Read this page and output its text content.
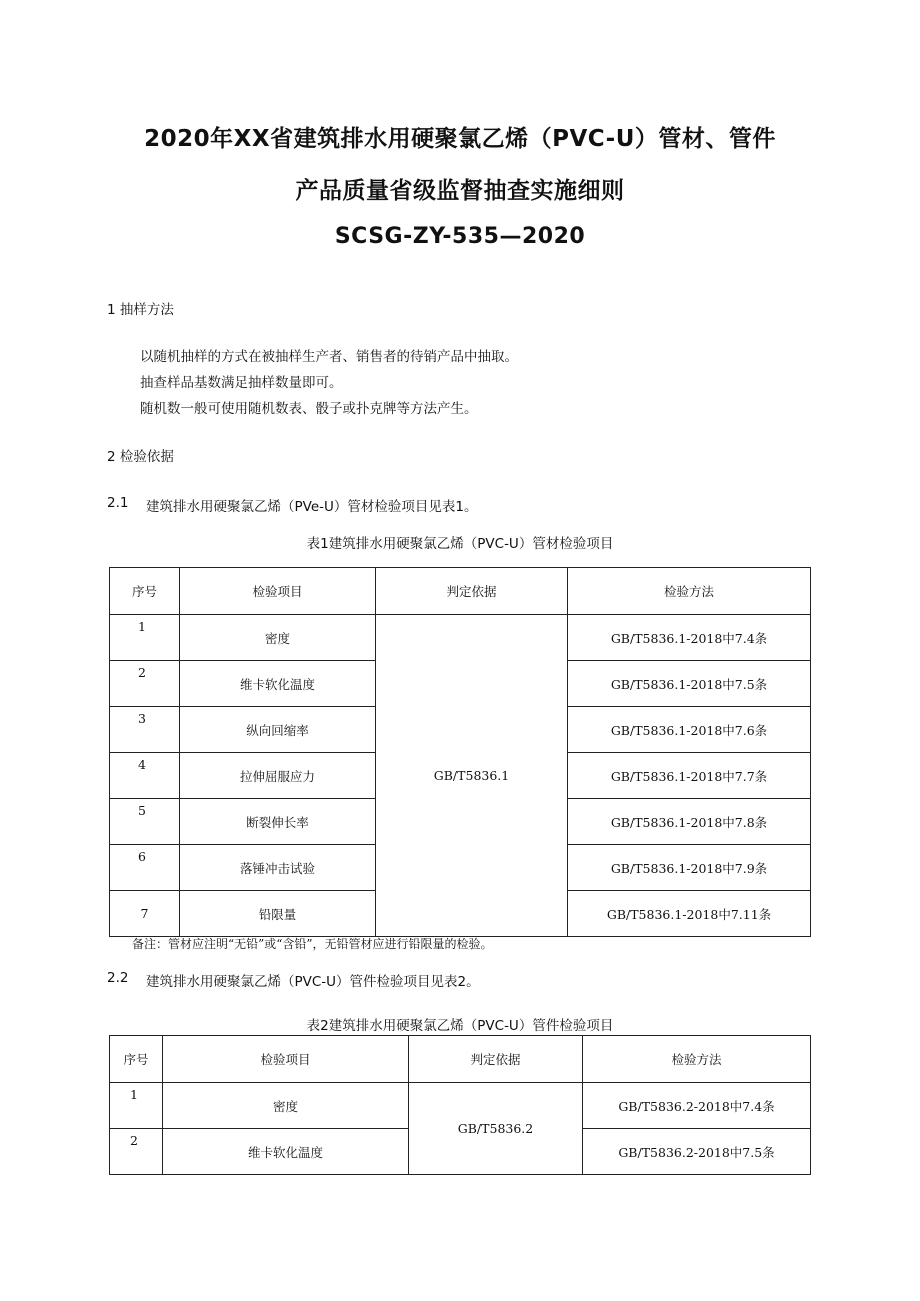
2020年XX省建筑排水用硬聚氯乙烯（PVC-U）管材、管件
产品质量省级监督抽查实施细则
SCSG-ZY-535—2020
1 抽样方法
以随机抽样的方式在被抽样生产者、销售者的待销产品中抽取。
抽查样品基数满足抽样数量即可。
随机数一般可使用随机数表、骰子或扑克牌等方法产生。
2 检验依据
2.1 建筑排水用硬聚氯乙烯（PVe-U）管材检验项目见表1。
表1建筑排水用硬聚氯乙烯（PVC-U）管材检验项目
序号	检验项目	判定依据	检验方法

1	密度	GB/T5836.1	GB/T5836.1-2018中7.4条

2	维卡软化温度		GB/T5836.1-2018中7.5条

3	纵向回缩率		GB/T5836.1-2018中7.6条

4	拉伸屈服应力		GB/T5836.1-2018中7.7条

5	断裂伸长率		GB/T5836.1-2018中7.8条

6	落锤冲击试验		GB/T5836.1-2018中7.9条
7	铅限量		GB/T5836.1-2018中7.11条
备注：管材应注明“无铅”或“含铅”，无铅管材应进行铅限量的检验。
2.2 建筑排水用硬聚氯乙烯（PVC-U）管件检验项目见表2。
表2建筑排水用硬聚氯乙烯（PVC-U）管件检验项目
序号	检验项目	判定依据	检验方法

1	密度	GB/T5836.2	GB/T5836.2-2018中7.4条

2	维卡软化温度		GB/T5836.2-2018中7.5条
